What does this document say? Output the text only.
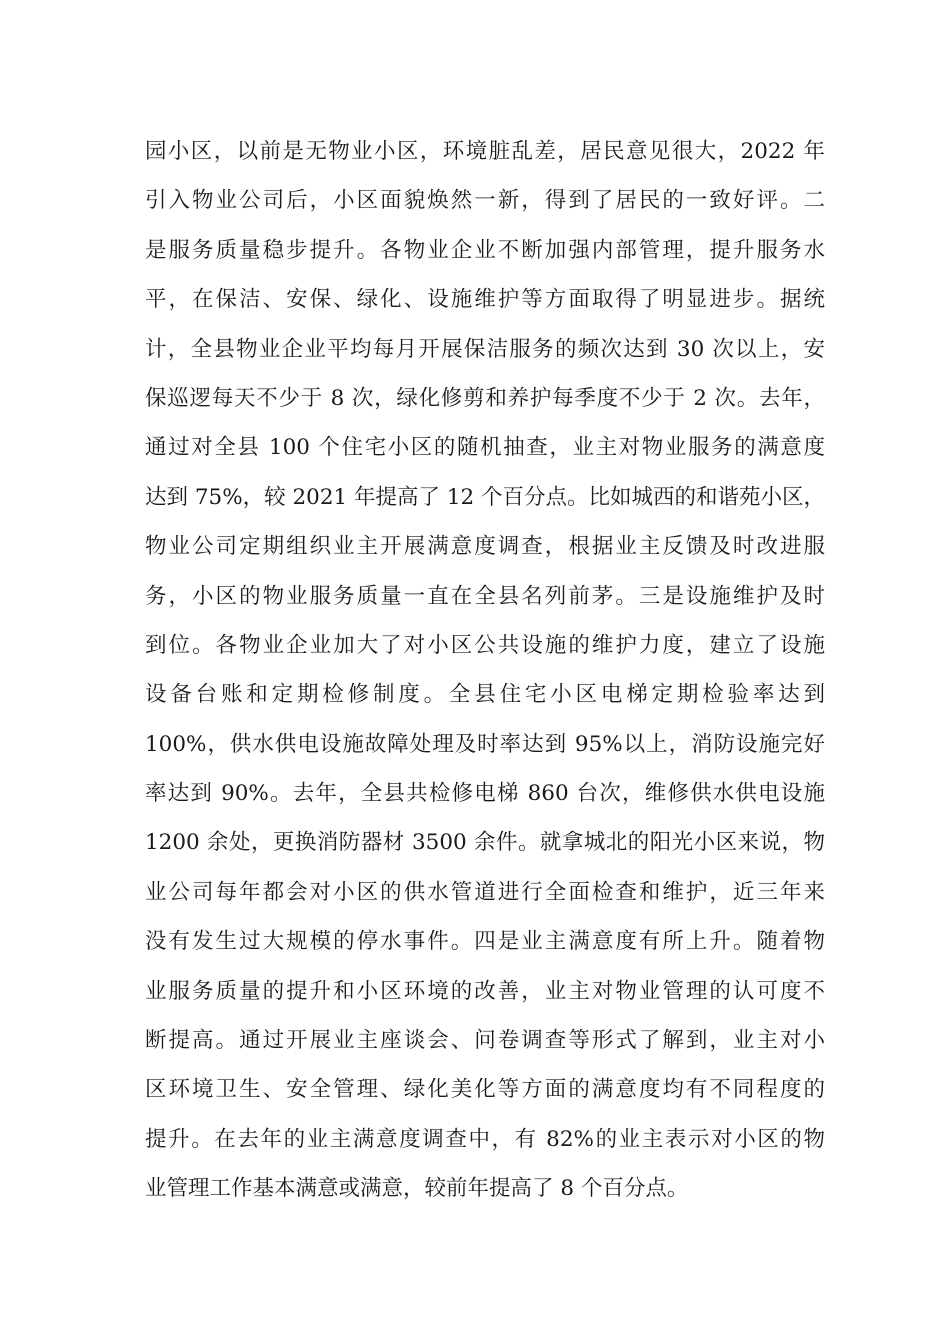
园小区，以前是无物业小区，环境脏乱差，居民意见很大，2022 年
引入物业公司后，小区面貌焕然一新，得到了居民的一致好评。二
是服务质量稳步提升。各物业企业不断加强内部管理，提升服务水
平，在保洁、安保、绿化、设施维护等方面取得了明显进步。据统
计，全县物业企业平均每月开展保洁服务的频次达到 30 次以上，安
保巡逻每天不少于 8 次，绿化修剪和养护每季度不少于 2 次。去年，
通过对全县 100 个住宅小区的随机抽查，业主对物业服务的满意度
达到 75%，较 2021 年提高了 12 个百分点。比如城西的和谐苑小区，
物业公司定期组织业主开展满意度调查，根据业主反馈及时改进服
务，小区的物业服务质量一直在全县名列前茅。三是设施维护及时
到位。各物业企业加大了对小区公共设施的维护力度，建立了设施
设备台账和定期检修制度。全县住宅小区电梯定期检验率达到
100%，供水供电设施故障处理及时率达到 95%以上，消防设施完好
率达到 90%。去年，全县共检修电梯 860 台次，维修供水供电设施
1200 余处，更换消防器材 3500 余件。就拿城北的阳光小区来说，物
业公司每年都会对小区的供水管道进行全面检查和维护，近三年来
没有发生过大规模的停水事件。四是业主满意度有所上升。随着物
业服务质量的提升和小区环境的改善，业主对物业管理的认可度不
断提高。通过开展业主座谈会、问卷调查等形式了解到，业主对小
区环境卫生、安全管理、绿化美化等方面的满意度均有不同程度的
提升。在去年的业主满意度调查中，有 82%的业主表示对小区的物
业管理工作基本满意或满意，较前年提高了 8 个百分点。
